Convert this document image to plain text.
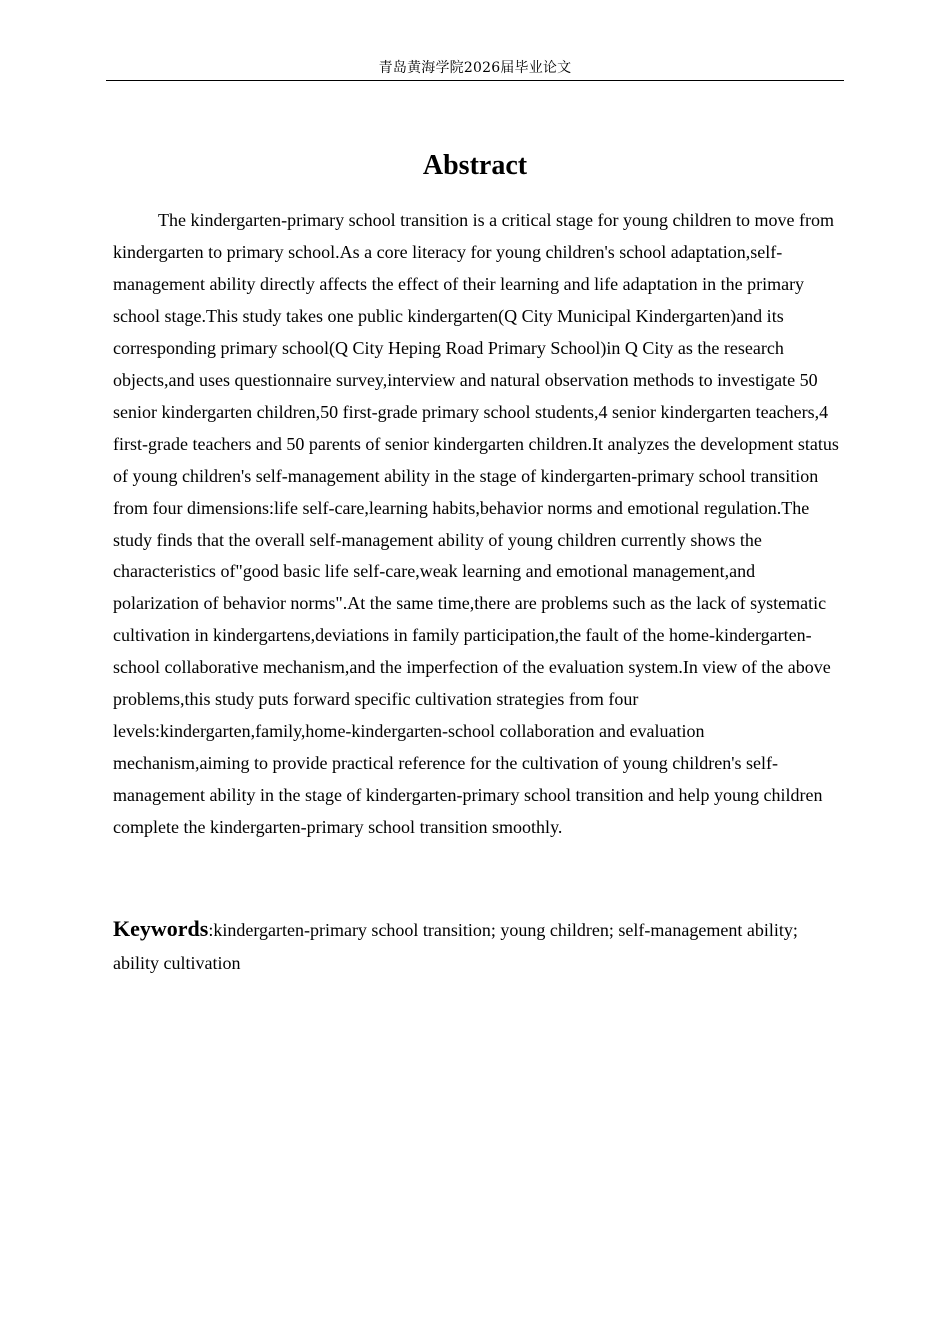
青岛黄海学院2026届毕业论文
Abstract

The kindergarten-primary school transition is a critical stage for young children to move from kindergarten to primary school.As a core literacy for young children's school adaptation,self-management ability directly affects the effect of their learning and life adaptation in the primary school stage.This study takes one public kindergarten(Q City Municipal Kindergarten)and its corresponding primary school(Q City Heping Road Primary School)in Q City as the research objects,and uses questionnaire survey,interview and natural observation methods to investigate 50 senior kindergarten children,50 first-grade primary school students,4 senior kindergarten teachers,4 first-grade teachers and 50 parents of senior kindergarten children.It analyzes the development status of young children's self-management ability in the stage of kindergarten-primary school transition from four dimensions:life self-care,learning habits,behavior norms and emotional regulation.The study finds that the overall self-management ability of young children currently shows the characteristics of"good basic life self-care,weak learning and emotional management,and polarization of behavior norms".At the same time,there are problems such as the lack of systematic cultivation in kindergartens,deviations in family participation,the fault of the home-kindergarten-school collaborative mechanism,and the imperfection of the evaluation system.In view of the above problems,this study puts forward specific cultivation strategies from four levels:kindergarten,family,home-kindergarten-school collaboration and evaluation mechanism,aiming to provide practical reference for the cultivation of young children's self-management ability in the stage of kindergarten-primary school transition and help young children complete the kindergarten-primary school transition smoothly.

Keywords:kindergarten-primary school transition; young children; self-management ability; ability cultivation
